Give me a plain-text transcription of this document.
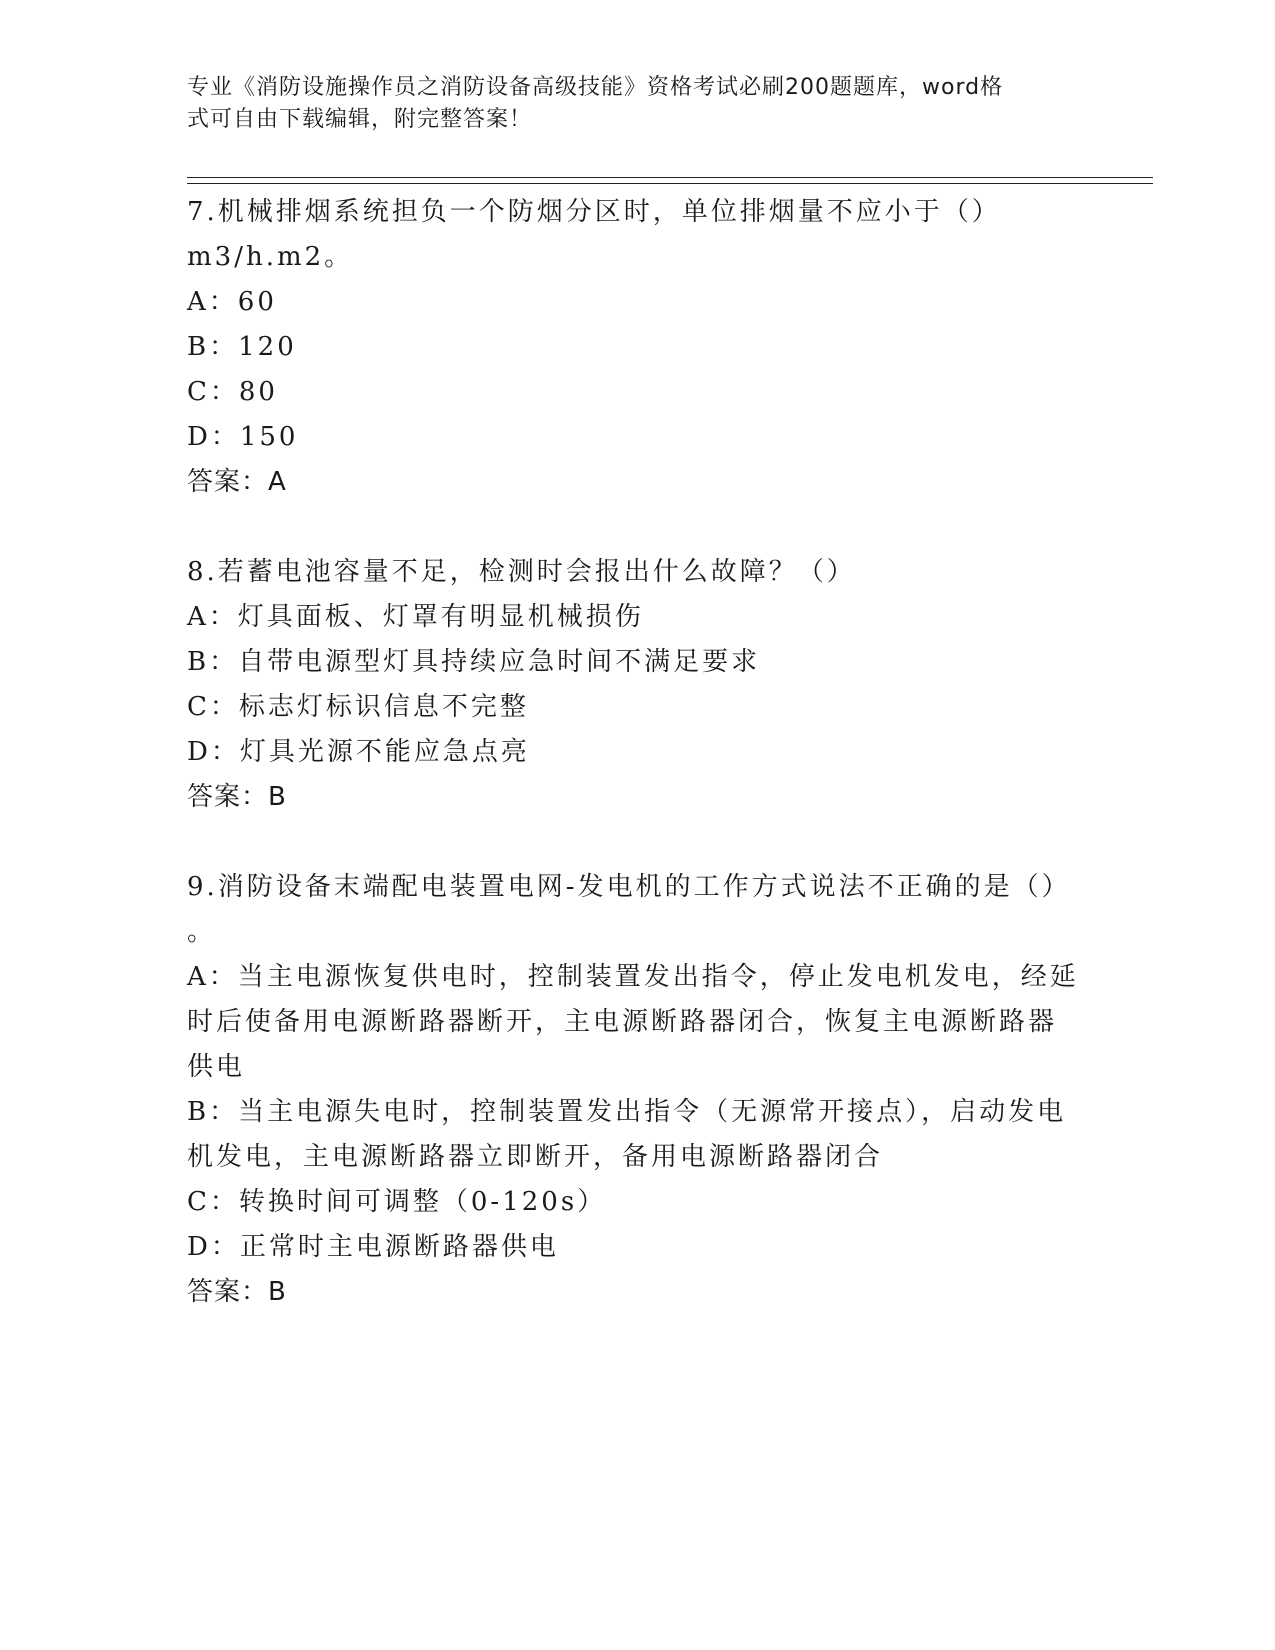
专业《消防设施操作员之消防设备高级技能》资格考试必刷200题题库，word格
式可自由下载编辑，附完整答案！
7.机械排烟系统担负一个防烟分区时，单位排烟量不应小于（）
m3/h.m2。
A：60
B：120
C：80
D：150
答案：A
8.若蓄电池容量不足，检测时会报出什么故障？（）
A：灯具面板、灯罩有明显机械损伤
B：自带电源型灯具持续应急时间不满足要求
C：标志灯标识信息不完整
D：灯具光源不能应急点亮
答案：B
9.消防设备末端配电装置电网-发电机的工作方式说法不正确的是（）
。
A：当主电源恢复供电时，控制装置发出指令，停止发电机发电，经延
时后使备用电源断路器断开，主电源断路器闭合，恢复主电源断路器
供电
B：当主电源失电时，控制装置发出指令（无源常开接点），启动发电
机发电，主电源断路器立即断开，备用电源断路器闭合
C：转换时间可调整（0-120s）
D：正常时主电源断路器供电
答案：B
